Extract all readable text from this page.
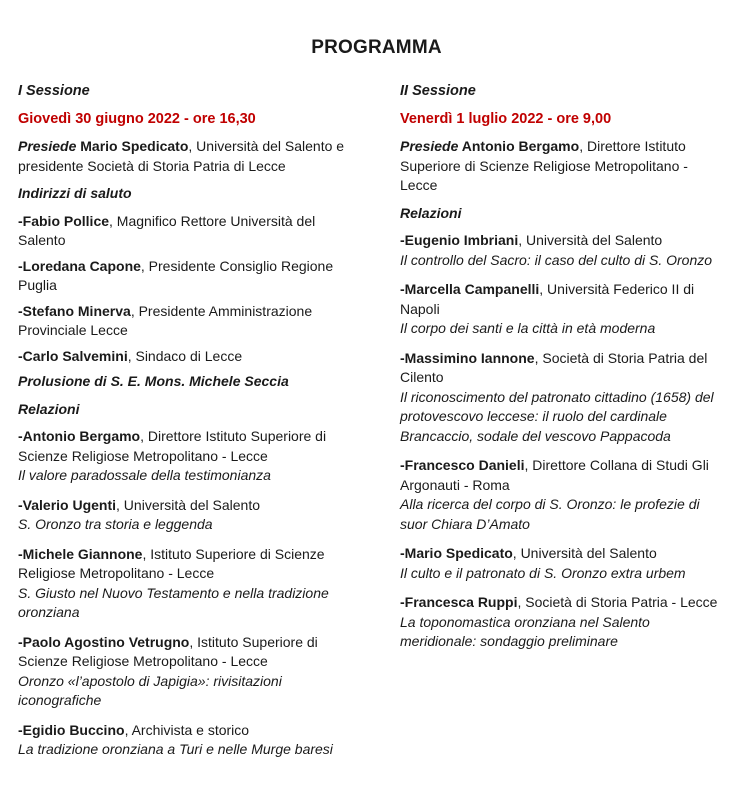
PROGRAMMA
I Sessione
Giovedì 30 giugno 2022 - ore 16,30
Presiede Mario Spedicato, Università del Salento e presidente Società di Storia Patria di Lecce
Indirizzi di saluto
-Fabio Pollice, Magnifico Rettore Università del Salento
-Loredana Capone, Presidente Consiglio Regione Puglia
-Stefano Minerva, Presidente Amministrazione Provinciale Lecce
-Carlo Salvemini, Sindaco di Lecce
Prolusione di S. E. Mons. Michele Seccia
Relazioni
-Antonio Bergamo, Direttore Istituto Superiore di Scienze Religiose Metropolitano - Lecce
Il valore paradossale della testimonianza
-Valerio Ugenti, Università del Salento
S. Oronzo tra storia e leggenda
-Michele Giannone, Istituto Superiore di Scienze Religiose Metropolitano - Lecce
S. Giusto nel Nuovo Testamento e nella tradizione oronziana
-Paolo Agostino Vetrugno, Istituto Superiore di Scienze Religiose Metropolitano - Lecce
Oronzo «l’apostolo di Japigia»: rivisitazioni iconografiche
-Egidio Buccino, Archivista e storico
La tradizione oronziana a Turi e nelle Murge baresi
II Sessione
Venerdì 1 luglio 2022 - ore 9,00
Presiede Antonio Bergamo, Direttore Istituto Superiore di Scienze Religiose Metropolitano - Lecce
Relazioni
-Eugenio Imbriani, Università del Salento
Il controllo del Sacro: il caso del culto di S. Oronzo
-Marcella Campanelli, Università Federico II di Napoli
Il corpo dei santi e la città in età moderna
-Massimino Iannone, Società di Storia Patria del Cilento
Il riconoscimento del patronato cittadino (1658) del protovescovo leccese: il ruolo del cardinale Brancaccio, sodale del vescovo Pappacoda
-Francesco Danieli, Direttore Collana di Studi Gli Argonauti - Roma
Alla ricerca del corpo di S. Oronzo: le profezie di suor Chiara D’Amato
-Mario Spedicato, Università del Salento
Il culto e il patronato di S. Oronzo extra urbem
-Francesca Ruppi, Società di Storia Patria - Lecce
La toponomastica oronziana nel Salento meridionale: sondaggio preliminare
